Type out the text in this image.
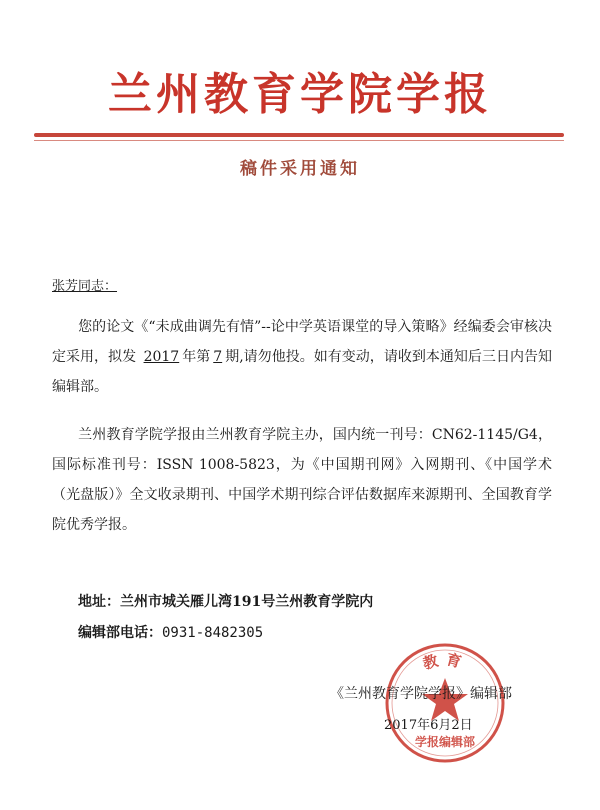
兰州教育学院学报
稿件采用通知
张芳同志：
您的论文《“未成曲调先有情”--论中学英语课堂的导入策略》经编委会审核决定采用，拟发 2017 年第 7 期,请勿他投。如有变动，请收到本通知后三日内告知编辑部。
兰州教育学院学报由兰州教育学院主办，国内统一刊号：CN62-1145/G4，国际标准刊号：ISSN 1008-5823，为《中国期刊网》入网期刊、《中国学术（光盘版）》全文收录期刊、中国学术期刊综合评估数据库来源期刊、全国教育学院优秀学报。
地址：兰州市城关雁儿湾191号兰州教育学院内
编辑部电话：0931-8482305
教育
学报编辑部
《兰州教育学院学报》编辑部
2017年6月2日
